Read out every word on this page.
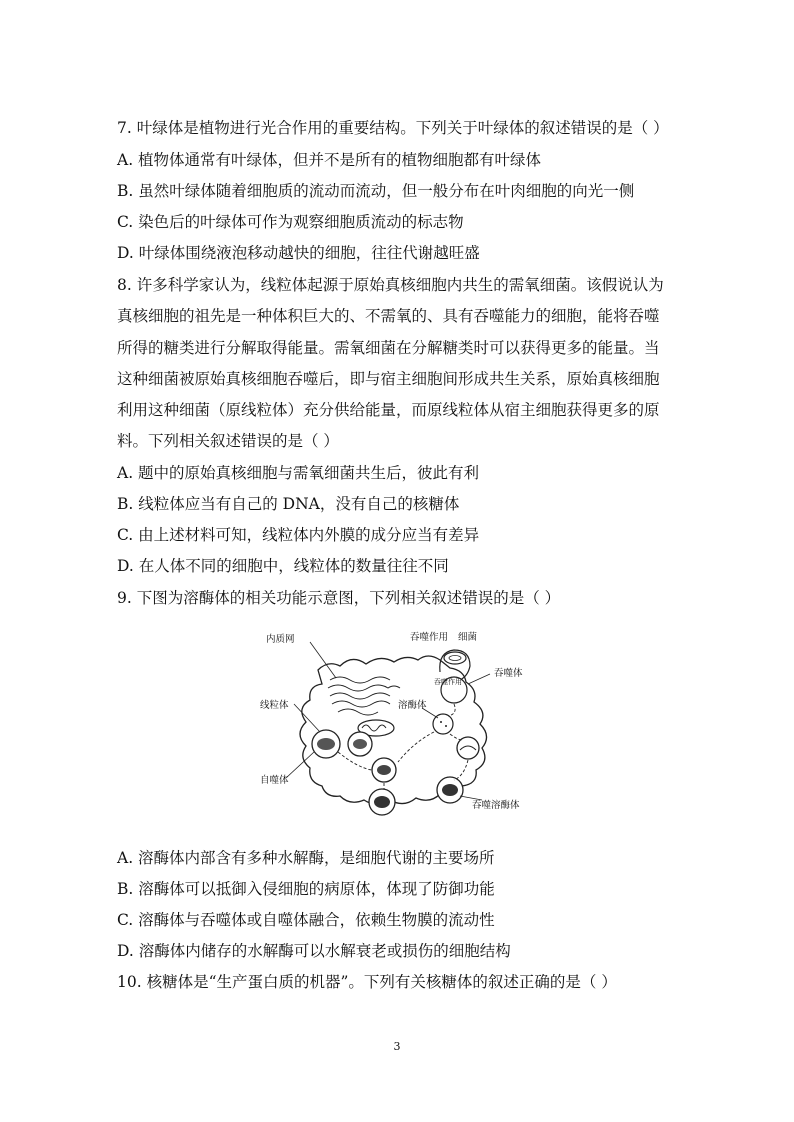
7. 叶绿体是植物进行光合作用的重要结构。下列关于叶绿体的叙述错误的是（ ）
A. 植物体通常有叶绿体，但并不是所有的植物细胞都有叶绿体
B. 虽然叶绿体随着细胞质的流动而流动，但一般分布在叶肉细胞的向光一侧
C. 染色后的叶绿体可作为观察细胞质流动的标志物
D. 叶绿体围绕液泡移动越快的细胞，往往代谢越旺盛
8. 许多科学家认为，线粒体起源于原始真核细胞内共生的需氧细菌。该假说认为
真核细胞的祖先是一种体积巨大的、不需氧的、具有吞噬能力的细胞，能将吞噬
所得的糖类进行分解取得能量。需氧细菌在分解糖类时可以获得更多的能量。当
这种细菌被原始真核细胞吞噬后，即与宿主细胞间形成共生关系，原始真核细胞
利用这种细菌（原线粒体）充分供给能量，而原线粒体从宿主细胞获得更多的原
料。下列相关叙述错误的是（ ）
A. 题中的原始真核细胞与需氧细菌共生后，彼此有利
B. 线粒体应当有自己的 DNA，没有自己的核糖体
C. 由上述材料可知，线粒体内外膜的成分应当有差异
D. 在人体不同的细胞中，线粒体的数量往往不同
9. 下图为溶酶体的相关功能示意图，下列相关叙述错误的是（ ）
吞噬作用 细菌
内质网
吞噬体
吞噬作用
线粒体	溶酶体
自噬体
吞噬溶酶体
A. 溶酶体内部含有多种水解酶，是细胞代谢的主要场所
B. 溶酶体可以抵御入侵细胞的病原体，体现了防御功能
C. 溶酶体与吞噬体或自噬体融合，依赖生物膜的流动性
D. 溶酶体内储存的水解酶可以水解衰老或损伤的细胞结构
10. 核糖体是“生产蛋白质的机器”。下列有关核糖体的叙述正确的是（ ）
3
